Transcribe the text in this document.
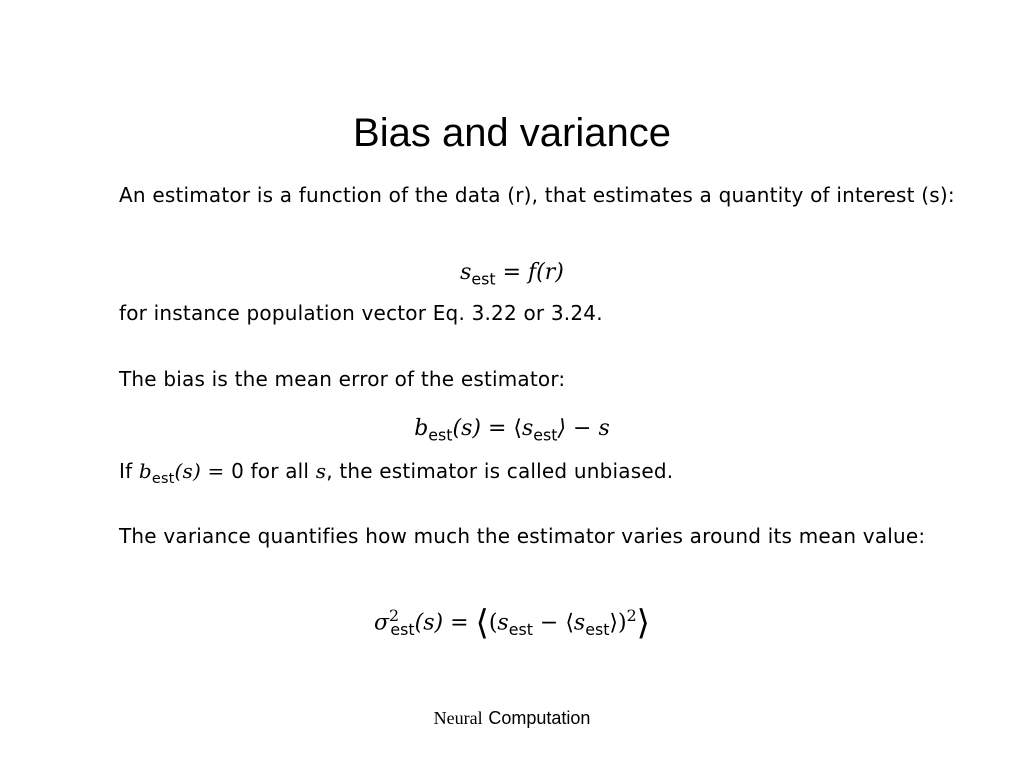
Bias and variance
An estimator is a function of the data (r), that estimates a quantity of interest (s):
$s_{est} = f(r)$
for instance population vector Eq. 3.22 or 3.24.
The bias is the mean error of the estimator:
$b_{est}(s)$ = $⟨s_{est}⟩ - s$
If $b_{est}(s) = 0$ for all s, the estimator is called unbiased.
The variance quantifies how much the estimator varies around its mean value:
$\sigma^2_{est}(s)$ = $⟨(s_{est}$ − $⟨s_{est}⟩)^2⟩$
Neural Computation
